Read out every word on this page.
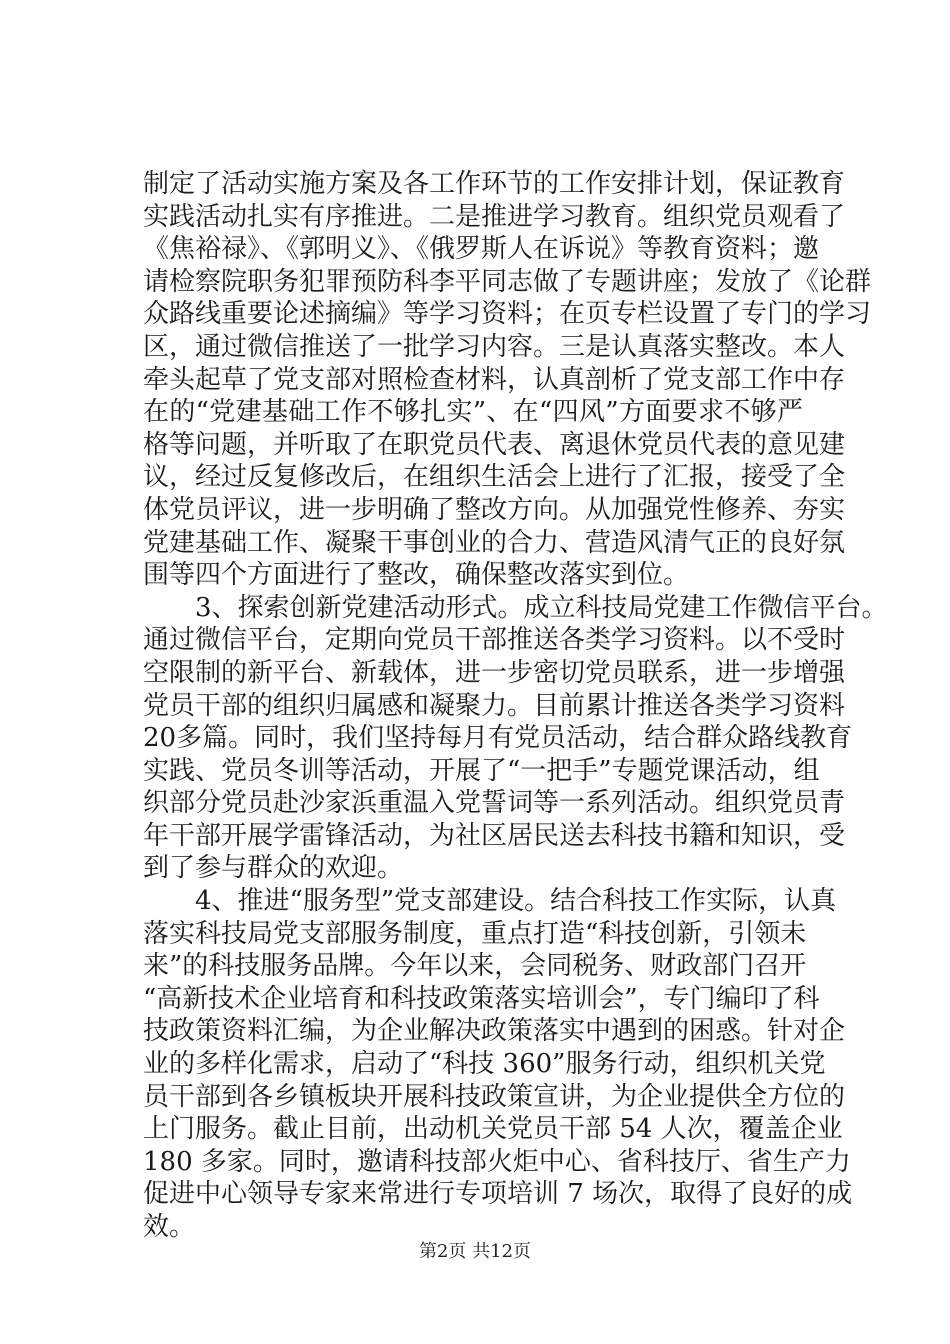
制定了活动实施方案及各工作环节的工作安排计划，保证教育
实践活动扎实有序推进。二是推进学习教育。组织党员观看了
《焦裕禄》、《郭明义》、《俄罗斯人在诉说》等教育资料；邀
请检察院职务犯罪预防科李平同志做了专题讲座；发放了《论群
众路线重要论述摘编》等学习资料；在页专栏设置了专门的学习
区，通过微信推送了一批学习内容。三是认真落实整改。本人
牵头起草了党支部对照检查材料，认真剖析了党支部工作中存
在的“党建基础工作不够扎实”、在“四风”方面要求不够严
格等问题，并听取了在职党员代表、离退休党员代表的意见建
议，经过反复修改后，在组织生活会上进行了汇报，接受了全
体党员评议，进一步明确了整改方向。从加强党性修养、夯实
党建基础工作、凝聚干事创业的合力、营造风清气正的良好氛
围等四个方面进行了整改，确保整改落实到位。
　　3、探索创新党建活动形式。成立科技局党建工作微信平台。
通过微信平台，定期向党员干部推送各类学习资料。以不受时
空限制的新平台、新载体，进一步密切党员联系，进一步增强
党员干部的组织归属感和凝聚力。目前累计推送各类学习资料
20多篇。同时，我们坚持每月有党员活动，结合群众路线教育
实践、党员冬训等活动，开展了“一把手”专题党课活动，组
织部分党员赴沙家浜重温入党誓词等一系列活动。组织党员青
年干部开展学雷锋活动，为社区居民送去科技书籍和知识，受
到了参与群众的欢迎。
　　4、推进“服务型”党支部建设。结合科技工作实际，认真
落实科技局党支部服务制度，重点打造“科技创新，引领未
来”的科技服务品牌。今年以来，会同税务、财政部门召开
“高新技术企业培育和科技政策落实培训会”，专门编印了科
技政策资料汇编，为企业解决政策落实中遇到的困惑。针对企
业的多样化需求，启动了“科技 360”服务行动，组织机关党
员干部到各乡镇板块开展科技政策宣讲，为企业提供全方位的
上门服务。截止目前，出动机关党员干部 54 人次，覆盖企业
180 多家。同时，邀请科技部火炬中心、省科技厅、省生产力
促进中心领导专家来常进行专项培训 7 场次，取得了良好的成
效。
第2页 共12页
